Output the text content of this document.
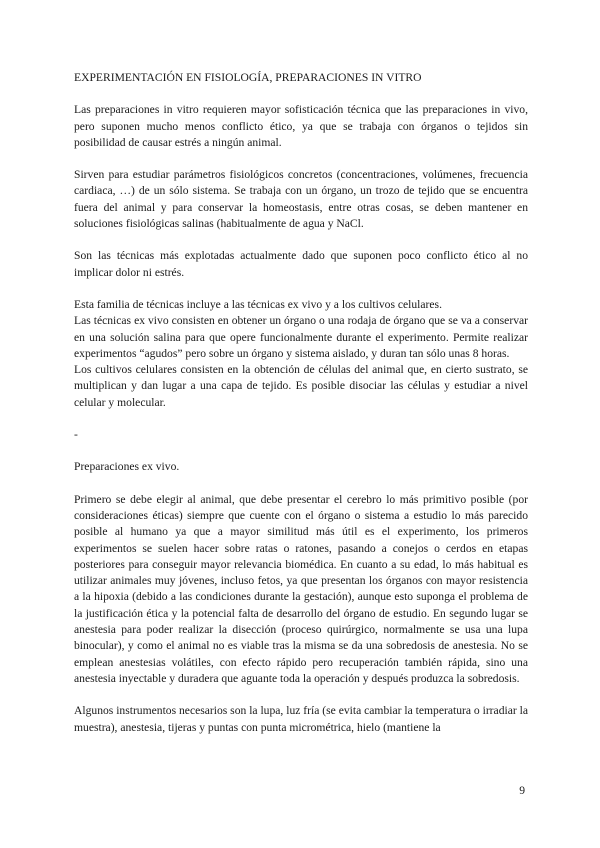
EXPERIMENTACIÓN EN FISIOLOGÍA, PREPARACIONES IN VITRO
Las preparaciones in vitro requieren mayor sofisticación técnica que las preparaciones in vivo, pero suponen mucho menos conflicto ético, ya que se trabaja con órganos o tejidos sin posibilidad de causar estrés a ningún animal.
Sirven para estudiar parámetros fisiológicos concretos (concentraciones, volúmenes, frecuencia cardiaca, …) de un sólo sistema. Se trabaja con un órgano, un trozo de tejido que se encuentra fuera del animal y para conservar la homeostasis, entre otras cosas, se deben mantener en soluciones fisiológicas salinas (habitualmente de agua y NaCl.
Son las técnicas más explotadas actualmente dado que suponen poco conflicto ético al no implicar dolor ni estrés.
Esta familia de técnicas incluye a las técnicas ex vivo y a los cultivos celulares.
Las técnicas ex vivo consisten en obtener un órgano o una rodaja de órgano que se va a conservar en una solución salina para que opere funcionalmente durante el experimento. Permite realizar experimentos “agudos” pero sobre un órgano y sistema aislado, y duran tan sólo unas 8 horas.
Los cultivos celulares consisten en la obtención de células del animal que, en cierto sustrato, se multiplican y dan lugar a una capa de tejido. Es posible disociar las células y estudiar a nivel celular y molecular.
-
Preparaciones ex vivo.
Primero se debe elegir al animal, que debe presentar el cerebro lo más primitivo posible (por consideraciones éticas) siempre que cuente con el órgano o sistema a estudio lo más parecido posible al humano ya que a mayor similitud más útil es el experimento, los primeros experimentos se suelen hacer sobre ratas o ratones, pasando a conejos o cerdos en etapas posteriores para conseguir mayor relevancia biomédica. En cuanto a su edad, lo más habitual es utilizar animales muy jóvenes, incluso fetos, ya que presentan los órganos con mayor resistencia a la hipoxia (debido a las condiciones durante la gestación), aunque esto suponga el problema de la justificación ética y la potencial falta de desarrollo del órgano de estudio. En segundo lugar se anestesia para poder realizar la disección (proceso quirúrgico, normalmente se usa una lupa binocular), y como el animal no es viable tras la misma se da una sobredosis de anestesia. No se emplean anestesias volátiles, con efecto rápido pero recuperación también rápida, sino una anestesia inyectable y duradera que aguante toda la operación y después produzca la sobredosis.
Algunos instrumentos necesarios son la lupa, luz fría (se evita cambiar la temperatura o irradiar la muestra), anestesia, tijeras y puntas con punta micrométrica, hielo (mantiene la
9
